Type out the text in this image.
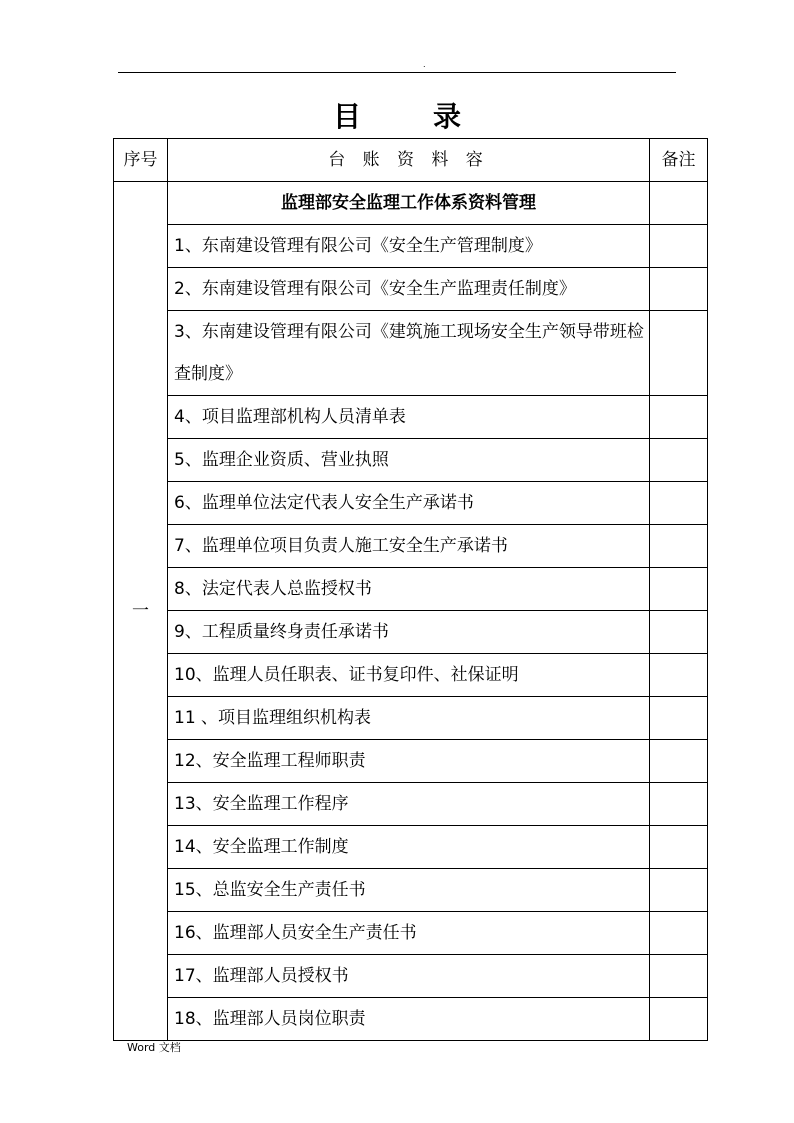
.
目录
序号	台 账 资 料 容	备注
一	监理部安全监理工作体系资料管理	
	1、东南建设管理有限公司《安全生产管理制度》	
	2、东南建设管理有限公司《安全生产监理责任制度》	
	3、东南建设管理有限公司《建筑施工现场安全生产领导带班检查制度》	
	4、项目监理部机构人员清单表	
	5、监理企业资质、营业执照	
	6、监理单位法定代表人安全生产承诺书	
	7、监理单位项目负责人施工安全生产承诺书	
	8、法定代表人总监授权书	
	9、工程质量终身责任承诺书	
	10、监理人员任职表、证书复印件、社保证明	
	11 、项目监理组织机构表	
	12、安全监理工程师职责	
	13、安全监理工作程序	
	14、安全监理工作制度	
	15、总监安全生产责任书	
	16、监理部人员安全生产责任书	
	17、监理部人员授权书	
	18、监理部人员岗位职责	
Word 文档
